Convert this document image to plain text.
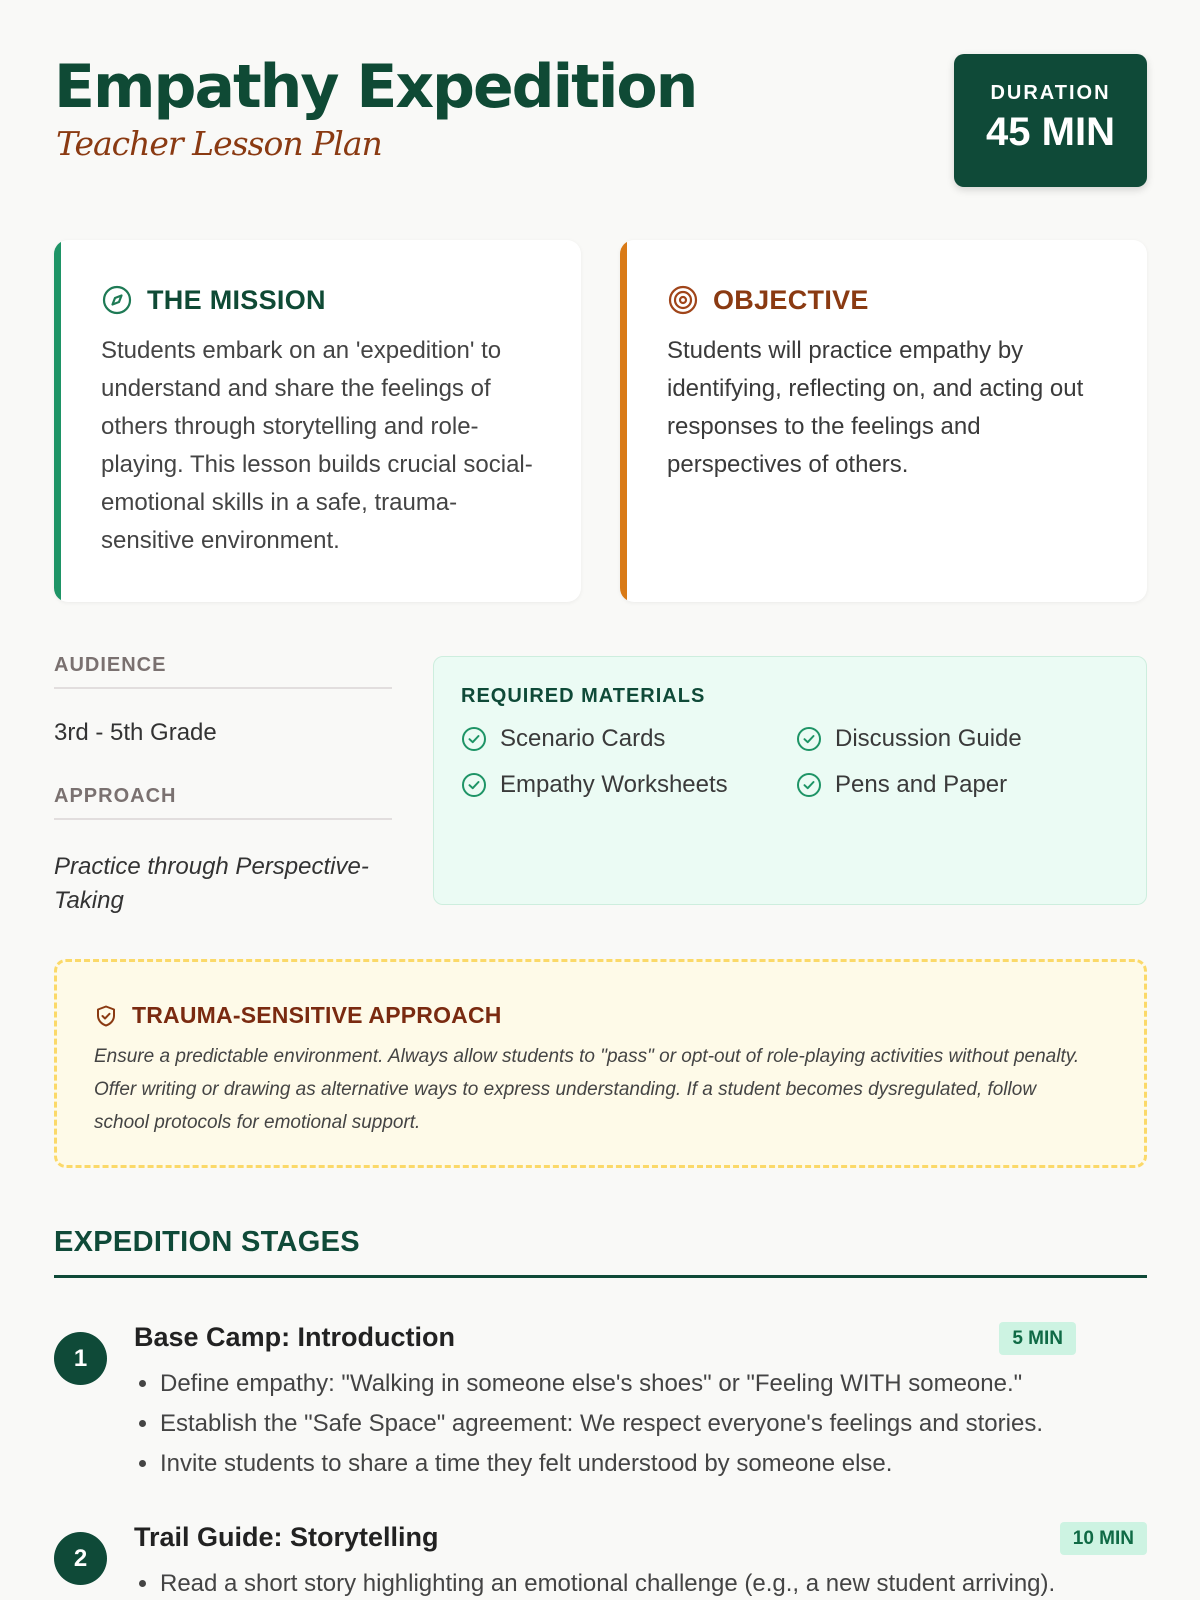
Empathy Expedition
Teacher Lesson Plan
DURATION
45 MIN
THE MISSION

Students embark on an 'expedition' to understand and share the feelings of others through storytelling and role-playing. This lesson builds crucial social-emotional skills in a safe, trauma-sensitive environment.

OBJECTIVE

Students will practice empathy by identifying, reflecting on, and acting out responses to the feelings and perspectives of others.

AUDIENCE
3rd - 5th Grade
APPROACH
Practice through Perspective-Taking
REQUIRED MATERIALS
Scenario Cards	Discussion Guide
Empathy Worksheets	Pens and Paper
TRAUMA-SENSITIVE APPROACH

Ensure a predictable environment. Always allow students to "pass" or opt-out of role-playing activities without penalty. Offer writing or drawing as alternative ways to express understanding. If a student becomes dysregulated, follow school protocols for emotional support.

EXPEDITION STAGES
1
Base Camp: Introduction	5 MIN
• Define empathy: "Walking in someone else's shoes" or "Feeling WITH someone."
• Establish the "Safe Space" agreement: We respect everyone's feelings and stories.
• Invite students to share a time they felt understood by someone else.
2
Trail Guide: Storytelling	10 MIN
• Read a short story highlighting an emotional challenge (e.g., a new student arriving).
